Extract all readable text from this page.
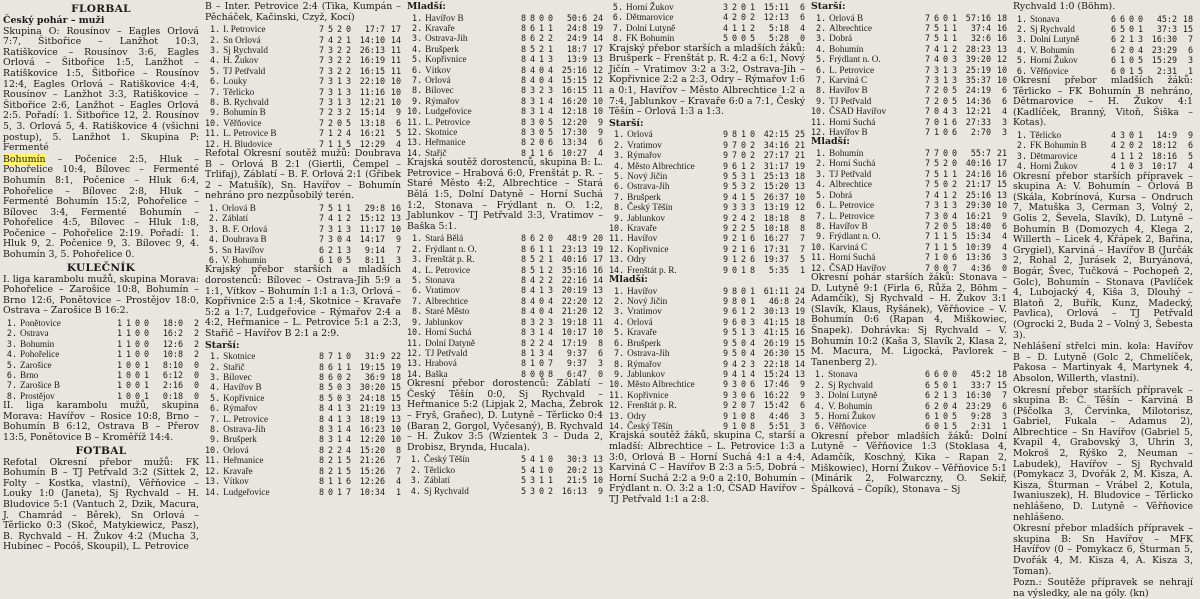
FLORBAL
Český pohár – muži
Skupina O: Rousínov – Eagles Orlová 7:7, Šitbořice – Lanžhot 10:3, Ratiškovice – Rousínov 3:6, Eagles Orlová – Šitbořice 1:5, Lanžhot – Ratiškovice 1:5, Šitbořice – Rousínov 12:4, Eagles Orlová – Ratiškovice 4:4, Rousínov – Lanžhot 3:3, Ratiškovice – Šitbořice 2:6, Lanžhot – Eagles Orlová 2:5. Pořadí: 1. Šitbořice 12, 2. Rousínov 5, 3. Orlová 5, 4. Ratiškovice 4 (všichni postup), 5. Lanžhot 1. Skupina P: Fermenté
Bohumín – Počenice 2:5, Hluk – Pohořelice 10:4, Bílovec – Fermenté Bohumín 8:1, Počenice – Hluk 6:4, Pohořelice – Bílovec 2:8, Hluk – Fermenté Bohumín 15:2, Pohořelice – Bílovec 3:4, Fermenté Bohumín – Pohořelice 4:5, Bílovec – Hluk 1:8, Počenice – Pohořelice 2:19. Pořadí: 1. Hluk 9, 2. Počenice 9, 3. Bílovec 9, 4. Bohumín 3, 5. Pohořelice 0.
KULEČNÍK
I. liga karambolu mužů, skupina Morava: Pohořelice – Zarošice 10:8, Bohumín – Brno 12:6, Ponětovice – Prostějov 18:0, Ostrava – Zarošice B 16:2.
1.	Ponětovice	1	1	0	0	18:0	2
2.	Ostrava	1	1	0	0	16:2	2
3.	Bohumín	1	1	0	0	12:6	2
4.	Pohořelice	1	1	0	0	10:8	2
5.	Zarošice	1	0	0	1	8:10	0
6.	Brno	1	0	0	1	6:12	0
7.	Zarošice B	1	0	0	1	2:16	0
8.	Prostějov	1	0	0	1	0:18	0
II. liga karambolu mužů, skupina Morava: Havířov – Rosice 10:8, Brno – Bohumín B 6:12, Ostrava B – Přerov 13:5, Ponětovice B – Kroměříž 14:4.
FOTBAL
Refotal Okresní přebor mužů: FK Bohumín B – TJ Petřvald 3:2 (Sittek 2, Folty – Kostka, vlastní), Věřňovice – Louky 1:0 (Janeta), Sj Rychvald – H. Bludovice 5:1 (Vantuch 2, Dzik, Macura, J. Chamrád – Běrek), Sn Orlová – Těrlicko 0:3 (Skoč, Matykiewicz, Pasz), B. Rychvald – H. Žukov 4:2 (Mucha 3, Hubinec – Pocóš, Skoupil), L. Petrovice
B – Inter. Petrovice 2:4 (Tika, Kumpán – Pěcháček, Kačinski, Czyž, Kocí)
1.	I. Petrovice	7	5	2	0	17:7	17
2.	Sn Orlová	7	4	2	1	14:10	14
3.	Sj Rychvald	7	3	2	2	26:13	11
4.	H. Žukov	7	3	2	2	16:19	11
5.	TJ Petřvald	7	3	2	2	16:15	11
6.	Louky	7	3	1	3	22:10	10
7.	Těrlicko	7	3	1	3	11:16	10
8.	B. Rychvald	7	3	1	3	12:21	10
9.	Bohumín B	7	2	3	2	15:14	9
10.	Věřňovice	7	2	0	5	13:18	6
11.	L. Petrovice B	7	1	2	4	16:21	5
12.	H. Bludovice	7	1	1	5	12:29	4
Refotal Okresní soutěž mužů: Doubrava B – Orlová B 2:1 (Giertli, Čempel – Trlifaj), Záblatí – B. F. Orlová 2:1 (Gřibek 2 – Matušík), Sn. Havířov – Bohumín nehráno pro nezpůsobilý terén.
1.	Orlová B	7	5	1	1	29:8	16
2.	Záblatí	7	4	1	2	15:12	13
3.	B. F. Orlová	7	3	1	3	11:17	10
4.	Doubrava B	7	3	0	4	14:17	9
5.	Sn Havířov	6	2	1	3	9:14	7
6.	V. Bohumín	6	1	0	5	8:11	3
Krajský přebor starších a mladších dorostenců: Bílovec – Ostrava-Jih 5:9 a 1:1, Vítkov – Bohumín 1:1 a 1:3, Orlová – Kopřivnice 2:5 a 1:4, Skotnice – Kravaře 5:2 a 1:7, Ludgeřovice – Rýmařov 2:4 a 4:2, Heřmanice – L. Petrovice 5:1 a 2:3, Stařič – Havířov B 2:1 a 2:9.
Starší:
1.	Skotnice	8	7	1	0	31:9	22
2.	Stařič	8	6	1	1	19:15	19
3.	Bílovec	8	6	0	2	36:9	18
4.	Havířov B	8	5	0	3	30:20	15
5.	Kopřivnice	8	5	0	3	24:18	15
6.	Rýmařov	8	4	1	3	21:19	13
7.	L. Petrovice	8	4	1	3	18:19	13
8.	Ostrava-Jih	8	3	1	4	16:23	10
9.	Brušperk	8	3	1	4	12:20	10
10.	Orlová	8	2	2	4	15:20	8
11.	Heřmanice	8	2	1	5	21:26	7
12.	Kravaře	8	2	1	5	15:26	7
13.	Vítkov	8	1	1	6	12:26	4
14.	Ludgeřovice	8	0	1	7	10:34	1
Mladší:
1.	Havířov B	8	8	0	0	50:6	24
2.	Kravaře	8	6	1	1	24:8	19
3.	Ostrava-Jih	8	6	2	2	24:9	14
4.	Brušperk	8	5	2	1	18:7	17
5.	Kopřivnice	8	4	1	3	13:9	13
6.	Vítkov	8	4	0	4	25:16	12
7.	Orlová	8	4	0	4	15:15	12
8.	Bílovec	8	3	2	3	16:15	11
9.	Rýmařov	8	3	1	4	16:20	10
10.	Ludgeřovice	8	3	1	4	12:18	10
11.	L. Petrovice	8	3	0	5	12:20	9
12.	Skotnice	8	3	0	5	17:30	9
13.	Heřmanice	8	2	0	6	13:34	6
14.	Stařič	8	1	1	6	10:27	4
Krajská soutěž dorostenců, skupina B: L. Petrovice – Hrabová 6:0, Frenštát p. R. – Staré Město 4:2, Albrechtice – Stará Bělá 1:5, Dolní Datyně – Horní Suchá 1:2, Stonava – Frýdlant n. O. 1:2, Jablunkov – TJ Petřvald 3:3, Vratimov – Baška 5:1.
1.	Stará Bělá	8	6	2	0	48:9	20
2.	Frýdlant n. O.	8	6	1	1	23:13	19
3.	Frenštát p. R.	8	5	2	1	40:16	17
4.	L. Petrovice	8	5	1	2	35:16	16
5.	Stonava	8	4	2	2	22:16	14
6.	Vratimov	8	4	1	3	20:19	13
7.	Albrechtice	8	4	0	4	22:20	12
8.	Staré Město	8	4	0	4	21:20	12
9.	Jablunkov	8	3	2	3	19:18	11
10.	Horní Suchá	8	3	1	4	10:17	10
11.	Dolní Datyně	8	2	2	4	17:19	8
12.	TJ Petřvald	8	1	3	4	9:37	6
13.	Hrabová	8	1	0	7	9:37	3
14.	Baška	8	0	0	8	6:47	0
Okresní přebor dorostenců: Záblatí – Český Těšín 0:0, Sj Rychvald – Heřmanice 5:2 (Lipjak 2, Macha, Žebrok – Fryš, Graňec), D. Lutyně – Těrlicko 0:4 (Baran 2, Gorgol, Vyčesaný), B. Rychvald – H. Žukov 3:5 (Wzientek 3 – Duda 2, Drobisz, Brynda, Hucala).
1.	Český Těšín	5	4	1	0	30:3	13
2.	Těrlicko	5	4	1	0	20:2	13
3.	Záblatí	5	3	1	1	21:5	10
4.	Sj Rychvald	5	3	0	2	16:13	9
5.	Horní Žukov	3	2	0	1	15:11	6
6.	Dětmarovice	4	2	0	2	12:13	6
7.	Dolní Lutyně	4	1	1	2	5:18	4
8.	FK Bohumín	5	0	0	5	5:28	0
Krajský přebor starších a mladších žáků: Brušperk – Frenštát p. R. 4:2 a 6:1, Nový Jičín – Vratimov 3:2 a 3:2, Ostrava-Jih – Kopřivnice 2:2 a 2:3, Odry – Rýmařov 1:6 a 0:1, Havířov – Město Albrechtice 1:2 a 7:4, Jablunkov – Kravaře 6:0 a 7:1, Český Těšín – Orlová 1:3 a 1:3.
Starší:
1.	Orlová	9	8	1	0	42:15	25
2.	Vratimov	9	7	0	2	34:16	21
3.	Rýmařov	9	7	0	2	27:17	21
4.	Město Albrechtice	9	6	1	2	31:17	19
5.	Nový Jičín	9	5	3	1	25:13	18
6.	Ostrava-Jih	9	5	3	2	15:20	13
7.	Brušperk	9	4	1	5	26:37	10
8.	Český Těšín	9	3	3	3	13:19	12
9.	Jablunkov	9	2	4	2	18:18	8
10.	Kravaře	9	2	2	5	10:18	8
11.	Havířov	9	2	1	6	16:27	7
12.	Kopřivnice	9	2	1	6	17:31	7
13.	Odry	9	1	2	6	19:37	5
14.	Frenštát p. R.	9	0	1	8	5:35	1
Mladší:
1.	Havířov	9	8	0	1	61:11	24
2.	Nový Jičín	9	8	0	1	46:8	24
3.	Vratimov	9	6	1	2	30:13	19
4.	Orlová	9	6	0	3	41:15	18
5.	Kravaře	9	5	1	3	41:15	16
6.	Brušperk	9	5	0	4	26:19	15
7.	Ostrava-Jih	9	5	0	4	26:30	15
8.	Rýmařov	9	4	2	3	22:18	14
9.	Jablunkov	9	4	1	4	15:24	13
10.	Město Albrechtice	9	3	0	6	17:46	9
11.	Kopřivnice	9	3	0	6	16:22	9
12.	Frenštát p. R.	9	2	0	7	15:42	6
13.	Odry	9	1	0	8	4:46	3
14.	Český Těšín	9	1	0	8	5:51	3
Krajská soutěž žáků, skupina C, starší a mladší: Albrechtice – L. Petrovice 1:3 a 3:0, Orlová B – Horní Suchá 4:1 a 4:4, Karviná C – Havířov B 2:3 a 5:5, Dobrá – Horní Suchá 2:2 a 9:0 a 2:10, Bohumín – Frýdlant n. O. 3:2 a 1:0, ČSAD Havířov – TJ Petřvald 1:1 a 2:8.
Starší:
1.	Orlová B	7	6	0	1	57:16	18
2.	Albrechtice	7	5	1	1	37:4	16
3.	Dobrá	7	5	1	1	32:6	16
4.	Bohumín	7	4	1	2	28:23	13
5.	Frýdlant n. O.	7	4	0	3	39:20	12
6.	L. Petrovice	7	3	1	3	25:19	10
7.	Karviná C	7	3	1	3	35:37	10
8.	Havířov B	7	2	0	5	24:19	6
9.	TJ Petřvald	7	2	0	5	14:36	6
10.	ČSAD Havířov	7	0	4	3	12:21	4
11.	Horní Suchá	7	0	1	6	27:33	3
12.	Havířov B	7	1	0	6	2:70	3
Mladší:
1.	Bohumín	7	7	0	0	55:7	21
2.	Horní Suchá	7	5	2	0	40:16	17
3.	TJ Petřvald	7	5	1	1	24:16	16
4.	Albrechtice	7	5	0	2	21:17	15
5.	Dobrá	7	4	1	2	25:16	13
6.	L. Petrovice	7	3	1	3	29:30	10
7.	L. Petrovice	7	3	0	4	16:21	9
8.	Havířov B	7	2	0	5	18:40	6
9.	Frýdlant n. O.	7	1	1	5	15:34	4
10.	Karviná C	7	1	1	5	10:39	4
11.	Horní Suchá	7	1	0	6	13:36	3
12.	ČSAD Havířov	7	0	0	7	4:36	0
Okresní pohár starších žáků: Stonava – D. Lutyně 9:1 (Firla 6, Růža 2, Böhm – Adamčík), Sj Rychvald – H. Žukov 3:1 (Slavík, Klaus, Ryšánek), Věřňovice – V. Bohumín 0:6 (Rapan 4, Miškowiec, Šnapek). Dohrávka: Sj Rychvald – V. Bohumín 10:2 (Kaša 3, Slavík 2, Klasa 2, M. Macura, M. Ligocká, Pavlorek – Tanenberg 2).
1.	Stonava	6	6	0	0	45:2	18
2.	Sj Rychvald	6	5	0	1	33:7	15
3.	Dolní Lutyně	6	2	1	3	16:30	7
4.	V. Bohumín	6	2	0	4	23:29	6
5.	Horní Žukov	6	1	0	5	9:28	3
6.	Věřňovice	6	0	1	5	2:31	1
Okresní přebor mladších žáků: Dolní Lutyně – Věřňovice 1:3 (Stoklasa 4, Adamčík, Koschný, Kika – Rapan 2, Miškowiec), Horní Žukov – Věřňovice 5:1 (Minárik 2, Folwarczny, O. Sekiř, Špálková – Čopík), Stonava – Sj
Rychvald 1:0 (Böhm).
1.	Stonava	6	6	0	0	45:2	18
2.	Sj Rychvald	6	5	0	1	37:3	15
3.	Dolní Lutyně	6	2	1	3	16:30	7
4.	V. Bohumín	6	2	0	4	23:29	6
5.	Horní Žukov	6	1	0	5	15:29	3
6.	Věřňovice	6	0	1	5	2:31	1
Okresní přebor mladších žáků: Těrlicko – FK Bohumín B nehráno, Dětmarovice – H. Žukov 4:1 (Kadlíček, Branný, Vitoň, Šiška – Kotas).
1.	Těrlicko	4	3	0	1	14:9	9
2.	FK Bohumín B	4	2	0	2	18:12	6
3.	Dětmarovice	4	1	1	2	18:16	5
4.	Horní Žukov	4	1	0	3	10:17	4
Okresní přebor starších přípravek – skupina A: V. Bohumín – Orlová B (Skála, Kobrínová, Kursa – Ondruch 7, Matuška 3, Cerman 3, Volný 2, Golis 2, Ševela, Slavík), D. Lutyně – Bohumín B (Domozych 4, Klega 2, Willerth – Licek 4, Křápek 2, Bařina, Grygiel), Karviná – Havířov B (Jurčák 2, Rohal 2, Jurásek 2, Buryánová, Bogár, Švec, Tučková – Pochopeň 2, Golc), Bohumín – Stonava (Pavlíček 4, Lubojacký 4, Kiša 3, Dlouhý – Blatoň 2, Buřík, Kunz, Madecký, Pavlica), Orlová – TJ Petřvald (Ogrocki 2, Buda 2 – Volný 3, Šebesta 3).
Nehlášení střelci min. kola: Havířov B – D. Lutyně (Golc 2, Chmelíček, Pakosa – Martinyak 4, Martynek 4, Absolon, Willerth, vlastní).
Okresní přebor starších přípravek – skupina B: Č. Těšín – Karviná B (Pščolka 3, Červinka, Milotorisz, Gabriel, Fukala – Adamus 2), Albrechtice – Sn Havířov (Gabriel 5, Kvapil 4, Grabovský 3, Uhrin 3, Mokroš 2, Rýško 2, Neuman – Labudek), Havířov – Sj Rychvald (Pomykacz 3, Dvořák 2, M. Kisza, A. Kisza, Šturman – Vrábel 2, Kotula, Iwaniuszek), H. Bludovice – Těrlicko nehlášeno, D. Lutyně – Věřňovice nehlášeno.
Okresní přebor mladších přípravek – skupina B: Sn Havířov – MFK Havířov (0 – Pomykacz 6, Šturman 5, Dvořák 4, M. Kisza 4, A. Kisza 3, Toman).
Pozn.: Soutěže přípravek se nehrají na výsledky, ale na góly. (kn)
